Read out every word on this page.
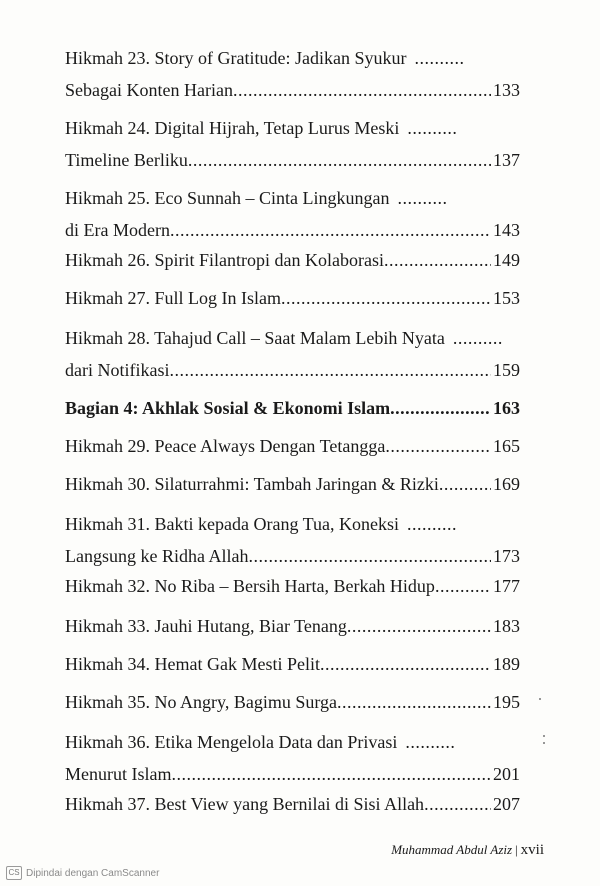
Hikmah 23. Story of Gratitude: Jadikan Syukur
.....
Sebagai Konten Harian .....	133
Hikmah 24. Digital Hijrah, Tetap Lurus Meski
.....
Timeline Berliku .....	137
Hikmah 25. Eco Sunnah – Cinta Lingkungan
.....
di Era Modern .....	143
Hikmah 26. Spirit Filantropi dan Kolaborasi .....	149
Hikmah 27. Full Log In Islam .....	153
Hikmah 28. Tahajud Call – Saat Malam Lebih Nyata
.....
dari Notifikasi .....	159
Bagian 4: Akhlak Sosial & Ekonomi Islam .....	163
Hikmah 29. Peace Always Dengan Tetangga .....	165
Hikmah 30. Silaturrahmi: Tambah Jaringan & Rizki .....	169
Hikmah 31. Bakti kepada Orang Tua, Koneksi
.....
Langsung ke Ridha Allah .....	173
Hikmah 32. No Riba – Bersih Harta, Berkah Hidup .....	177
Hikmah 33. Jauhi Hutang, Biar Tenang .....	183
Hikmah 34. Hemat Gak Mesti Pelit .....	189
Hikmah 35. No Angry, Bagimu Surga .....	195
Hikmah 36. Etika Mengelola Data dan Privasi
.....
Menurut Islam .....	201
Hikmah 37. Best View yang Bernilai di Sisi Allah .....	207
Muhammad Abdul Aziz | xvii
CS Dipindai dengan CamScanner
